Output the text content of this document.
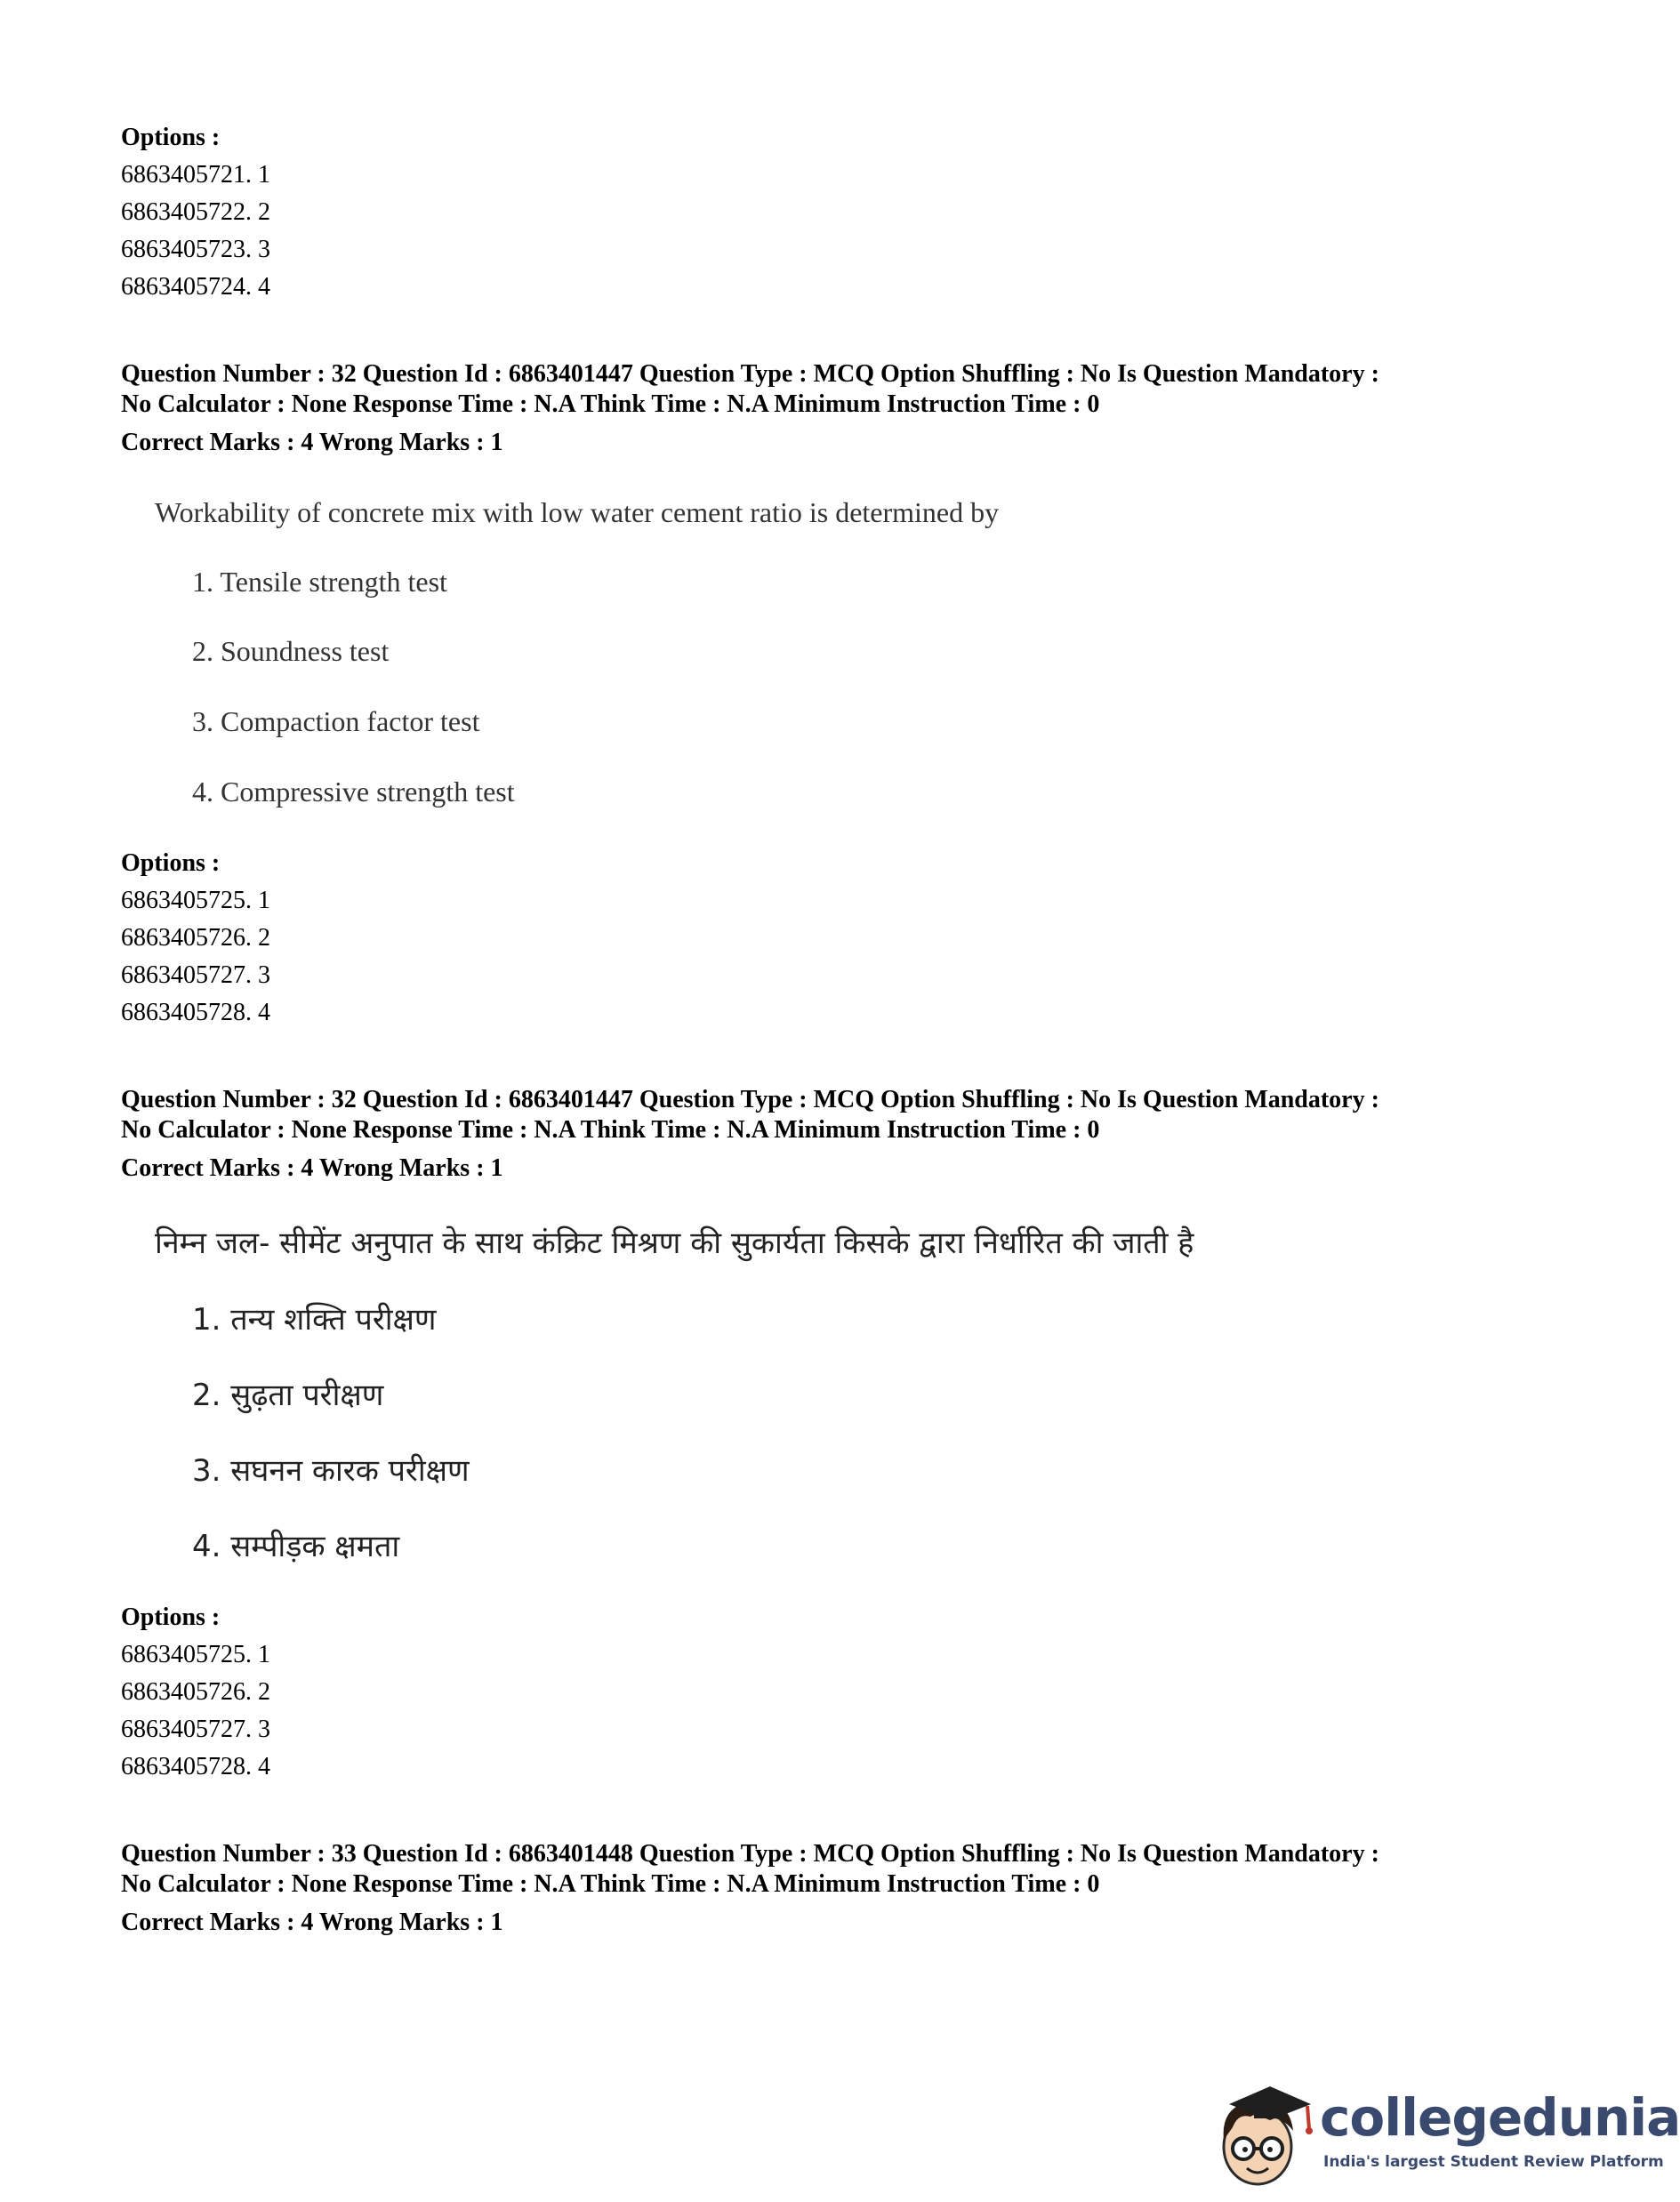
Options :
6863405721. 1
6863405722. 2
6863405723. 3
6863405724. 4
Question Number : 32 Question Id : 6863401447 Question Type : MCQ Option Shuffling : No Is Question Mandatory :
No Calculator : None Response Time : N.A Think Time : N.A Minimum Instruction Time : 0
Correct Marks : 4 Wrong Marks : 1
Workability of concrete mix with low water cement ratio is determined by
1. Tensile strength test
2. Soundness test
3. Compaction factor test
4. Compressive strength test
Options :
6863405725. 1
6863405726. 2
6863405727. 3
6863405728. 4
Question Number : 32 Question Id : 6863401447 Question Type : MCQ Option Shuffling : No Is Question Mandatory :
No Calculator : None Response Time : N.A Think Time : N.A Minimum Instruction Time : 0
Correct Marks : 4 Wrong Marks : 1
निम्न जल- सीमेंट अनुपात के साथ कंक्रिट मिश्रण की सुकार्यता किसके द्वारा निर्धारित की जाती है
1. तन्य शक्ति परीक्षण
2. सुढ़ता परीक्षण
3. सघनन कारक परीक्षण
4. सम्पीड़क क्षमता
Options :
6863405725. 1
6863405726. 2
6863405727. 3
6863405728. 4
Question Number : 33 Question Id : 6863401448 Question Type : MCQ Option Shuffling : No Is Question Mandatory :
No Calculator : None Response Time : N.A Think Time : N.A Minimum Instruction Time : 0
Correct Marks : 4 Wrong Marks : 1
collegedunia
India's largest Student Review Platform
